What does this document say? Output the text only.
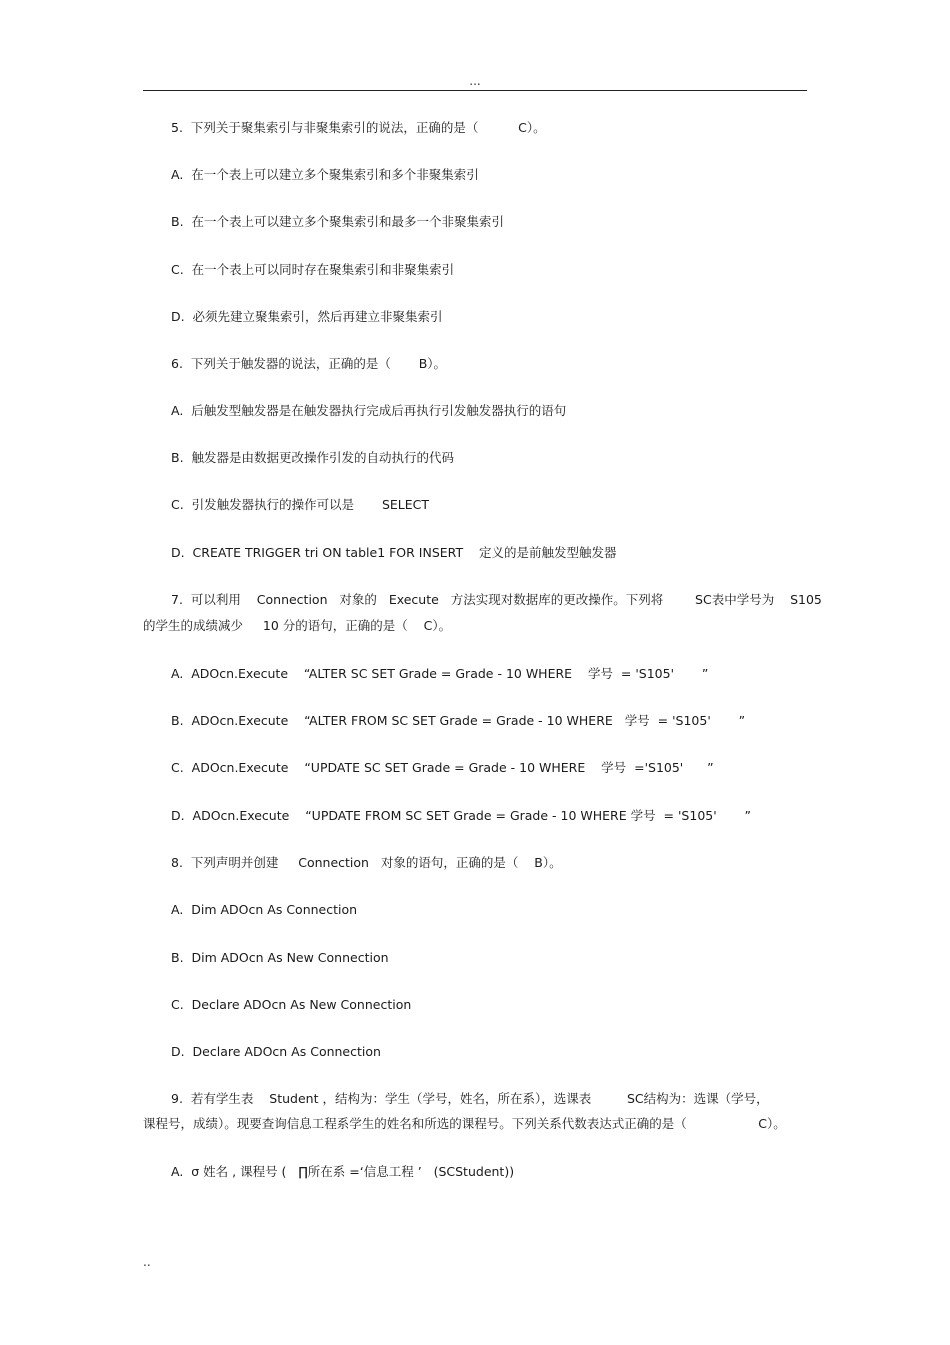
...
5.  下列关于聚集索引与非聚集索引的说法，正确的是（          C）。
A.  在一个表上可以建立多个聚集索引和多个非聚集索引
B.  在一个表上可以建立多个聚集索引和最多一个非聚集索引
C.  在一个表上可以同时存在聚集索引和非聚集索引
D.  必须先建立聚集索引，然后再建立非聚集索引
6.  下列关于触发器的说法，正确的是（       B）。
A.  后触发型触发器是在触发器执行完成后再执行引发触发器执行的语句
B.  触发器是由数据更改操作引发的自动执行的代码
C.  引发触发器执行的操作可以是       SELECT
D.  CREATE TRIGGER tri ON table1 FOR INSERT    定义的是前触发型触发器
7.  可以利用    Connection   对象的   Execute   方法实现对数据库的更改操作。下列将        SC表中学号为    S105
的学生的成绩减少     10 分的语句，正确的是（    C）。
A.  ADOcn.Execute    “ALTER SC SET Grade = Grade - 10 WHERE    学号  = 'S105'       ”
B.  ADOcn.Execute    “ALTER FROM SC SET Grade = Grade - 10 WHERE   学号  = 'S105'       ”
C.  ADOcn.Execute    “UPDATE SC SET Grade = Grade - 10 WHERE    学号  ='S105'      ”
D.  ADOcn.Execute    “UPDATE FROM SC SET Grade = Grade - 10 WHERE 学号  = 'S105'       ”
8.  下列声明并创建     Connection   对象的语句，正确的是（    B）。
A.  Dim ADOcn As Connection
B.  Dim ADOcn As New Connection
C.  Declare ADOcn As New Connection
D.  Declare ADOcn As Connection
9.  若有学生表    Student ，结构为：学生（学号，姓名，所在系），选课表         SC结构为：选课（学号，
课程号，成绩）。现要查询信息工程系学生的姓名和所选的课程号。下列关系代数表达式正确的是（                  C）。
A.  σ 姓名 , 课程号 (   ∏所在系 =‘信息工程 ’   (SCStudent))
..
